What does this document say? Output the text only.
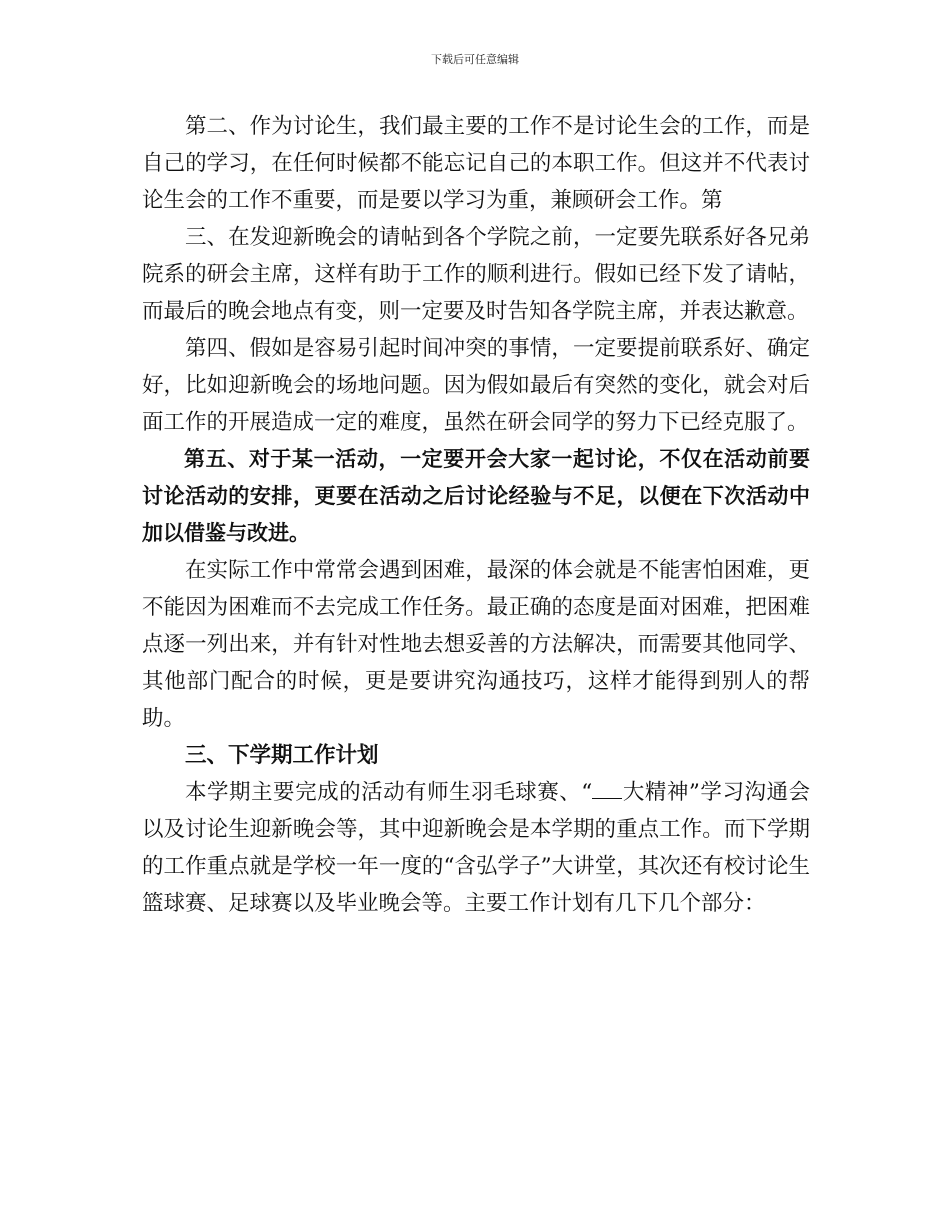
下载后可任意编辑

第二、作为讨论生，我们最主要的工作不是讨论生会的工作，而是自己的学习，在任何时候都不能忘记自己的本职工作。但这并不代表讨论生会的工作不重要，而是要以学习为重，兼顾研会工作。第

三、在发迎新晚会的请帖到各个学院之前，一定要先联系好各兄弟院系的研会主席，这样有助于工作的顺利进行。假如已经下发了请帖，而最后的晚会地点有变，则一定要及时告知各学院主席，并表达歉意。

第四、假如是容易引起时间冲突的事情，一定要提前联系好、确定好，比如迎新晚会的场地问题。因为假如最后有突然的变化，就会对后面工作的开展造成一定的难度，虽然在研会同学的努力下已经克服了。

第五、对于某一活动，一定要开会大家一起讨论，不仅在活动前要讨论活动的安排，更要在活动之后讨论经验与不足，以便在下次活动中加以借鉴与改进。

在实际工作中常常会遇到困难，最深的体会就是不能害怕困难，更不能因为困难而不去完成工作任务。最正确的态度是面对困难，把困难点逐一列出来，并有针对性地去想妥善的方法解决，而需要其他同学、其他部门配合的时候，更是要讲究沟通技巧，这样才能得到别人的帮助。

三、下学期工作计划

本学期主要完成的活动有师生羽毛球赛、“ 大精神”学习沟通会以及讨论生迎新晚会等，其中迎新晚会是本学期的重点工作。而下学期的工作重点就是学校一年一度的“含弘学子”大讲堂，其次还有校讨论生篮球赛、足球赛以及毕业晚会等。主要工作计划有几下几个部分：
